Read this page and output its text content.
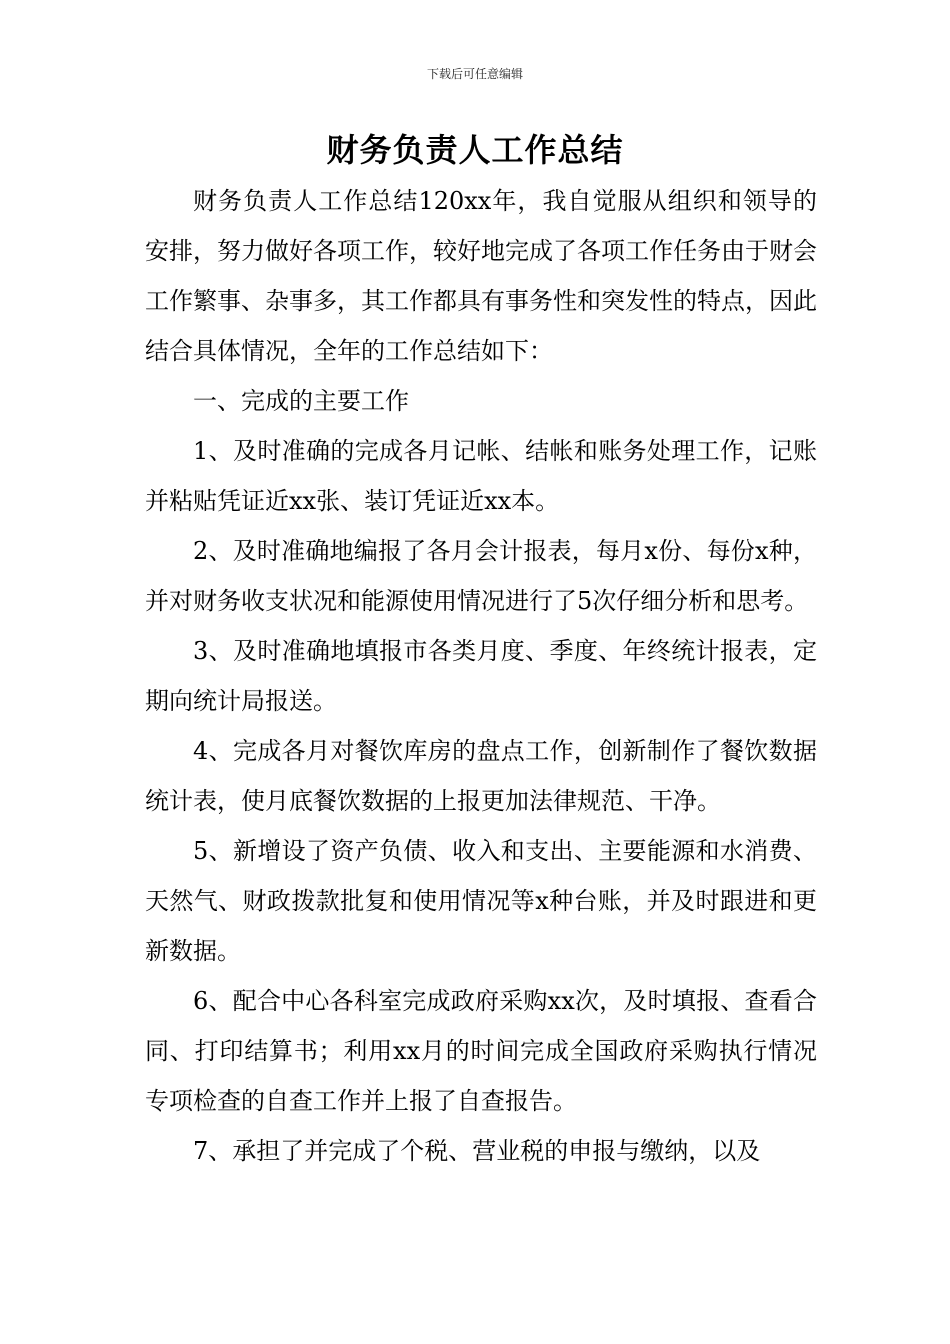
下载后可任意编辑
财务负责人工作总结

财务负责人工作总结120xx年，我自觉服从组织和领导的安排，努力做好各项工作，较好地完成了各项工作任务由于财会工作繁事、杂事多，其工作都具有事务性和突发性的特点，因此结合具体情况，全年的工作总结如下：

一、完成的主要工作

1、及时准确的完成各月记帐、结帐和账务处理工作，记账并粘贴凭证近xx张、装订凭证近xx本。

2、及时准确地编报了各月会计报表，每月x份、每份x种，并对财务收支状况和能源使用情况进行了5次仔细分析和思考。

3、及时准确地填报市各类月度、季度、年终统计报表，定期向统计局报送。

4、完成各月对餐饮库房的盘点工作，创新制作了餐饮数据统计表，使月底餐饮数据的上报更加法律规范、干净。

5、新增设了资产负债、收入和支出、主要能源和水消费、天然气、财政拨款批复和使用情况等x种台账，并及时跟进和更新数据。

6、配合中心各科室完成政府采购xx次，及时填报、查看合同、打印结算书；利用xx月的时间完成全国政府采购执行情况专项检查的自查工作并上报了自查报告。

7、承担了并完成了个税、营业税的申报与缴纳，以及
